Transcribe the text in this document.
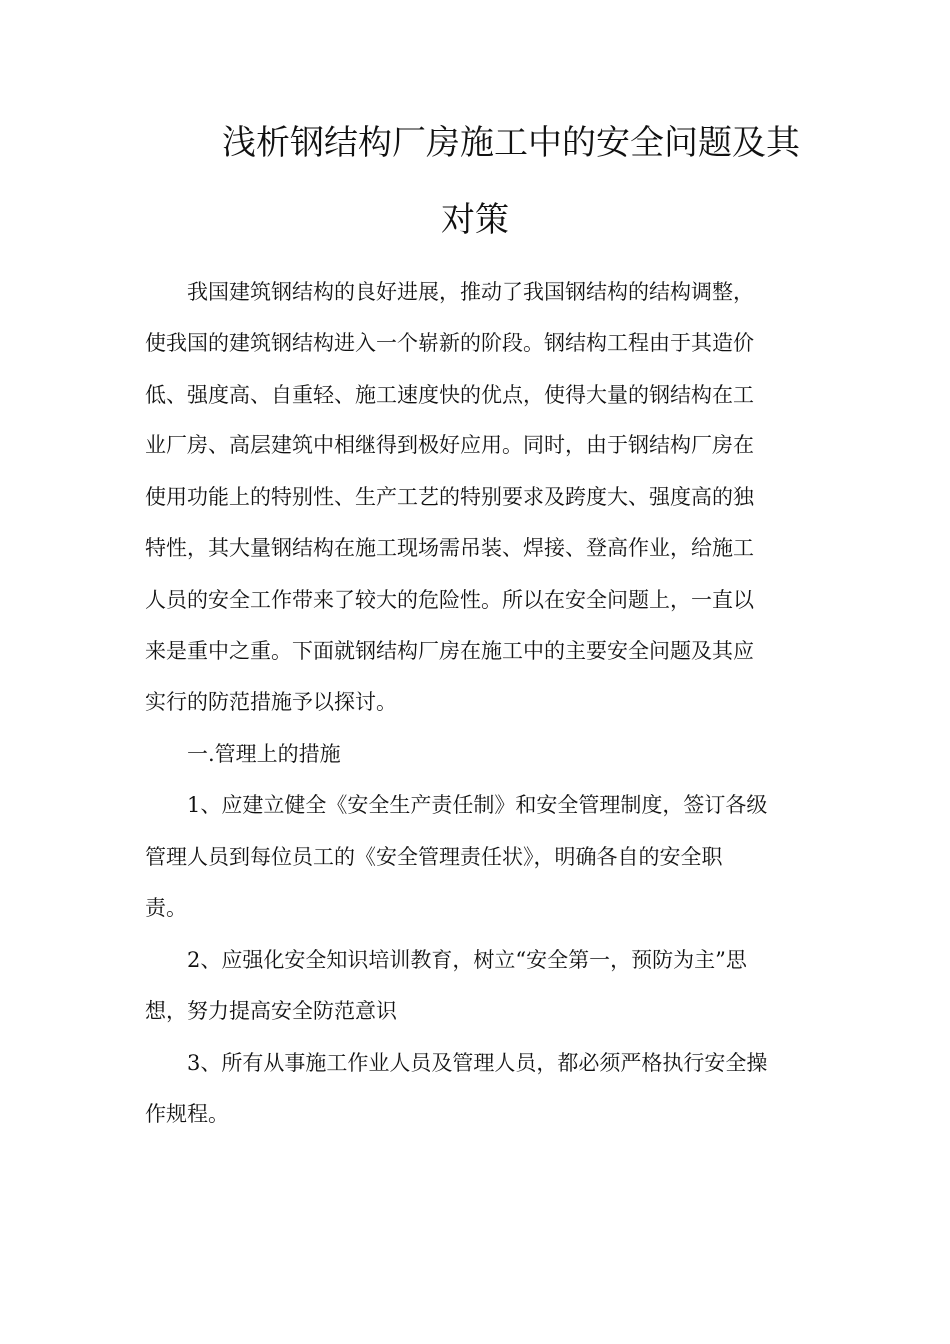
浅析钢结构厂房施工中的安全问题及其
对策

我国建筑钢结构的良好进展，推动了我国钢结构的结构调整，

使我国的建筑钢结构进入一个崭新的阶段。钢结构工程由于其造价

低、强度高、自重轻、施工速度快的优点，使得大量的钢结构在工

业厂房、高层建筑中相继得到极好应用。同时，由于钢结构厂房在

使用功能上的特别性、生产工艺的特别要求及跨度大、强度高的独

特性，其大量钢结构在施工现场需吊装、焊接、登高作业，给施工

人员的安全工作带来了较大的危险性。所以在安全问题上，一直以

来是重中之重。下面就钢结构厂房在施工中的主要安全问题及其应

实行的防范措施予以探讨。

一.管理上的措施

1、应建立健全《安全生产责任制》和安全管理制度，签订各级

管理人员到每位员工的《安全管理责任状》，明确各自的安全职

责。

2、应强化安全知识培训教育，树立“安全第一，预防为主”思

想，努力提高安全防范意识

3、所有从事施工作业人员及管理人员，都必须严格执行安全操

作规程。
